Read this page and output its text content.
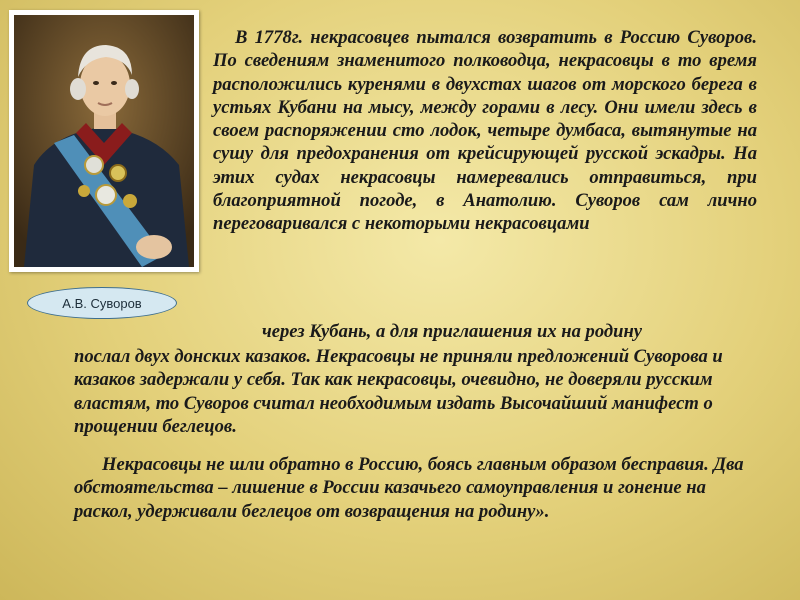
А.В. Суворов

В 1778г. некрасовцев пытался возвратить в Россию Суворов. По сведениям знаменитого полководца, некрасовцы в то время расположились куренями в двухстах шагов от морского берега в устьях Кубани на мысу, между горами в лесу. Они имели здесь в своем распоряжении сто лодок, четыре думбаса, вытянутые на сушу для предохранения от крейсирующей русской эскадры. На этих судах некрасовцы намеревались отправиться, при благоприятной погоде, в Анатолию. Суворов сам лично переговаривался с некоторыми некрасовцами

через Кубань, а для приглашения их на родину

послал двух донских казаков. Некрасовцы не приняли предложений Суворова и казаков задержали у себя. Так как некрасовцы, очевидно, не доверяли русским властям, то Суворов считал необходимым издать Высочайший манифест о прощении беглецов.

Некрасовцы не шли обратно в Россию, боясь главным образом бесправия. Два обстоятельства – лишение в России казачьего самоуправления и гонение на раскол, удерживали беглецов от возвращения на родину».
